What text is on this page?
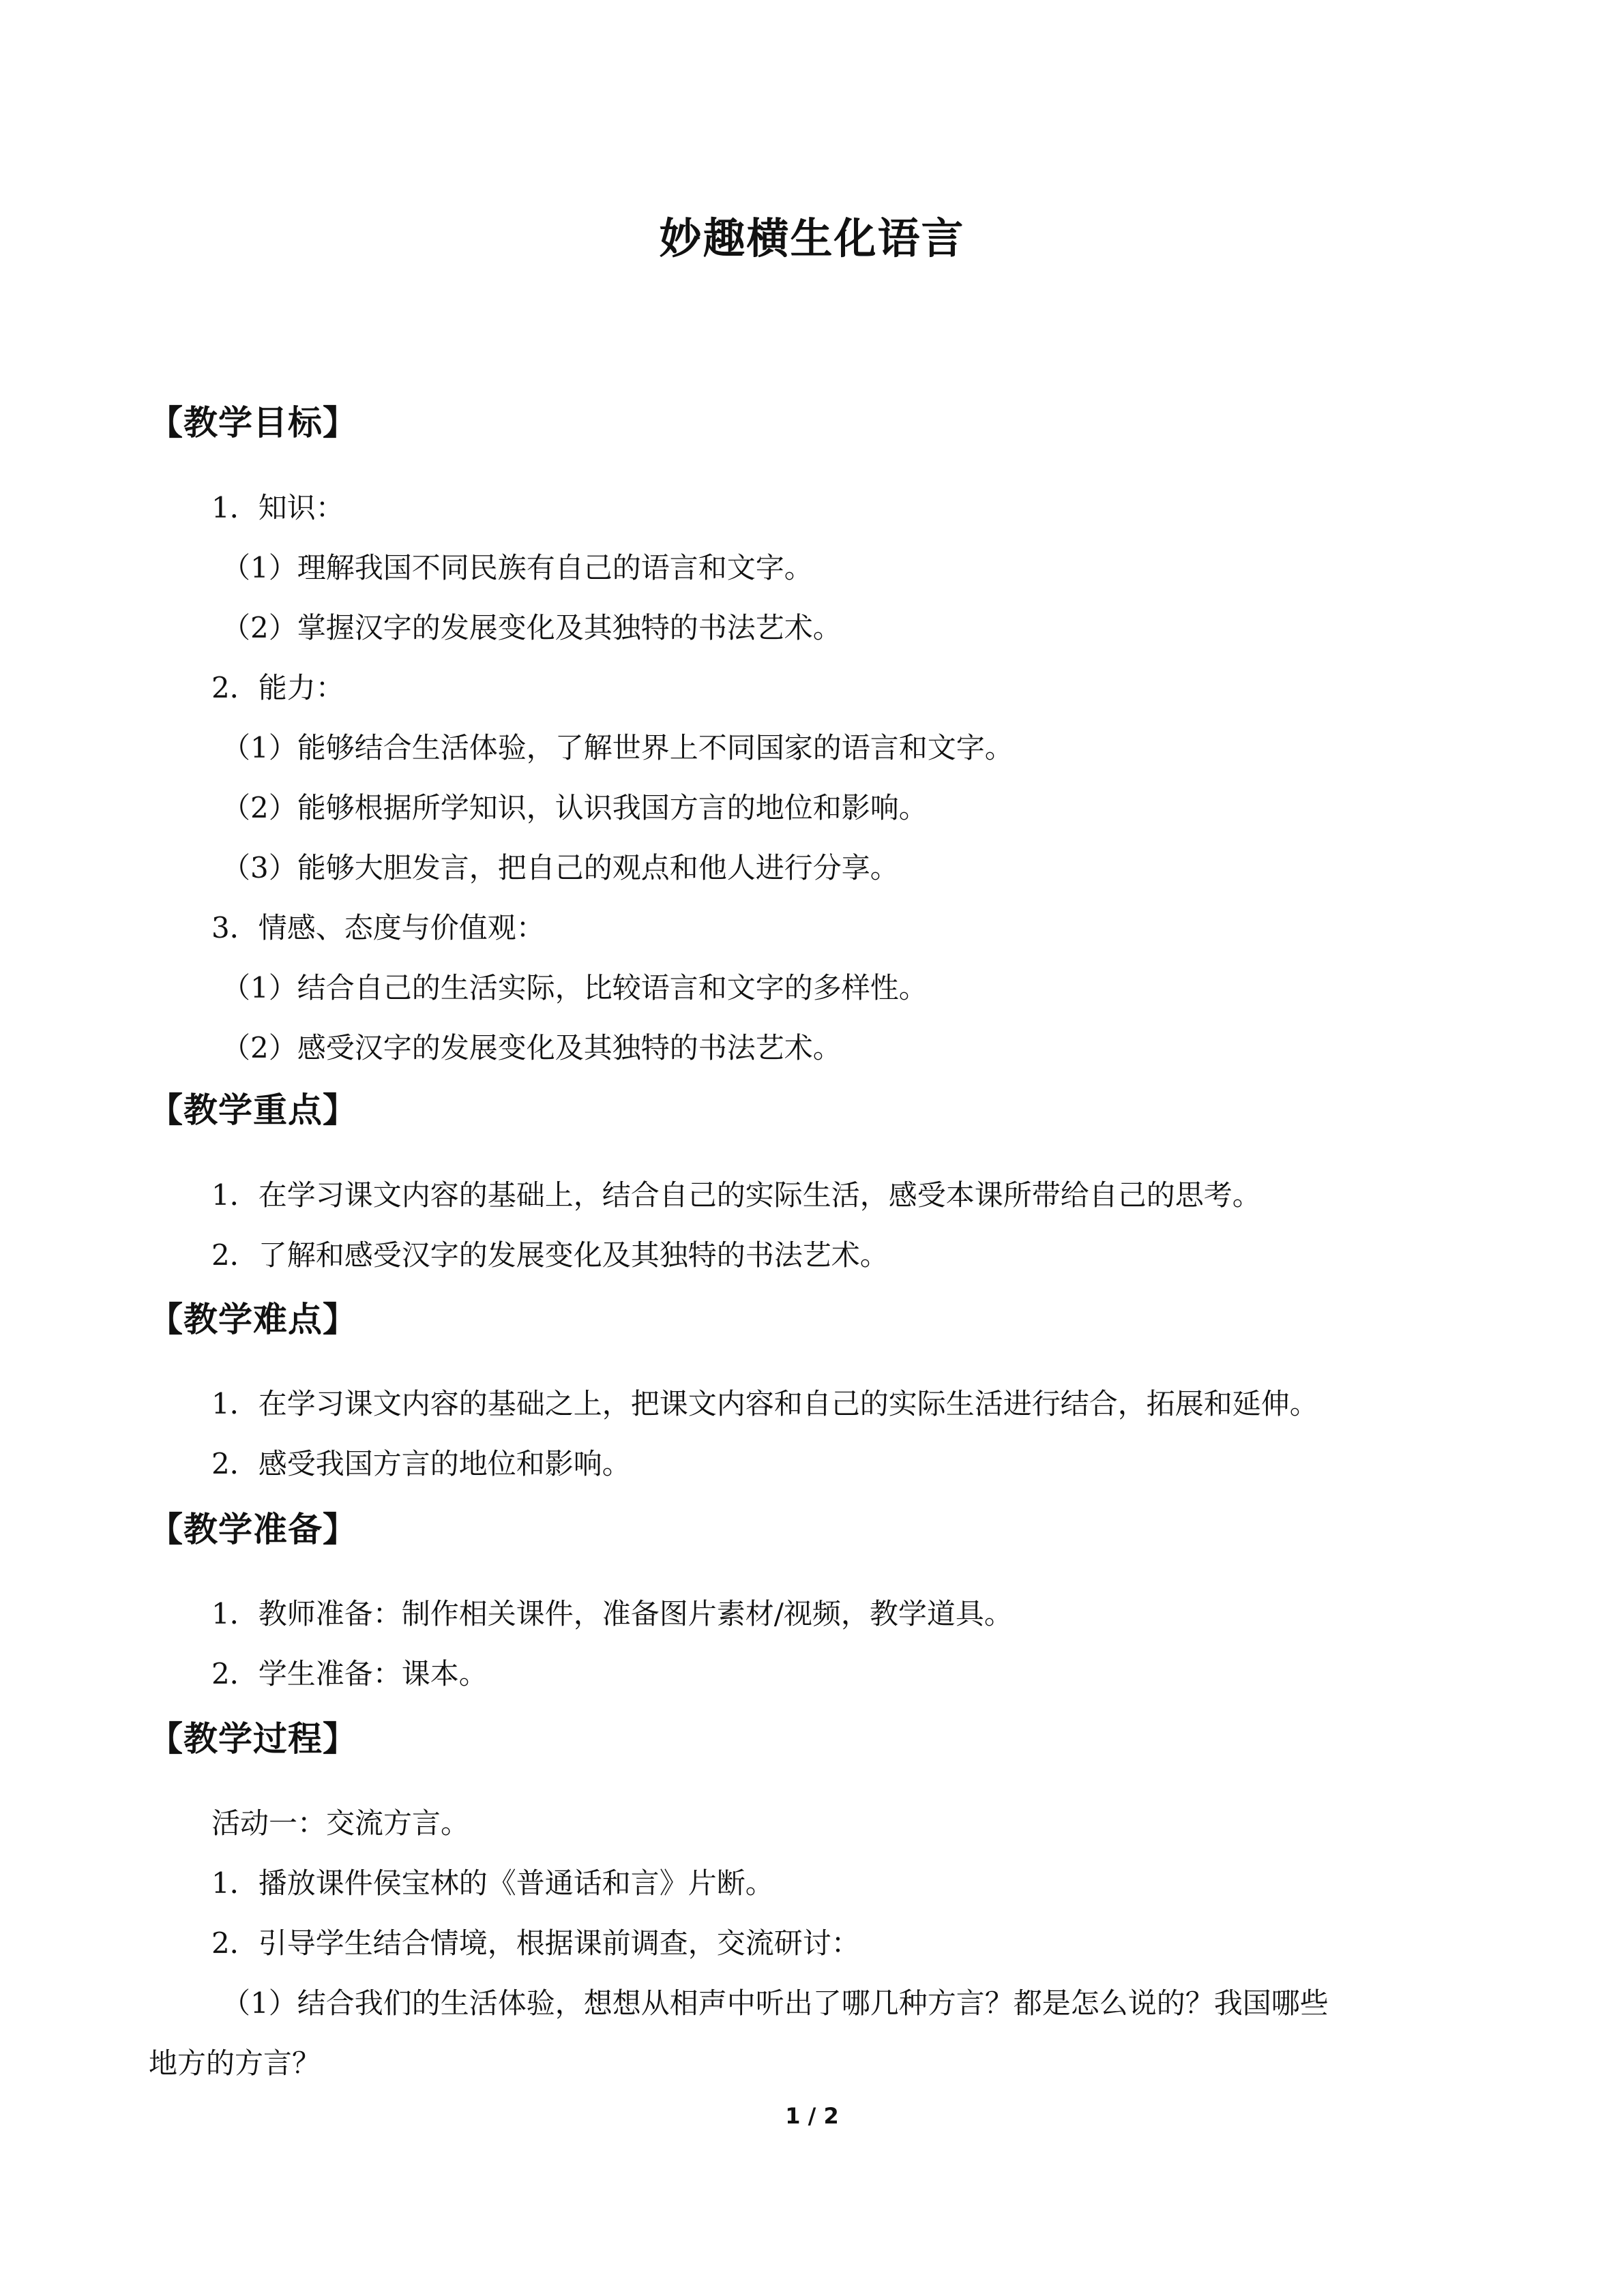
妙趣横生化语言
【教学目标】
1．知识：
（1）理解我国不同民族有自己的语言和文字。
（2）掌握汉字的发展变化及其独特的书法艺术。
2．能力：
（1）能够结合生活体验，了解世界上不同国家的语言和文字。
（2）能够根据所学知识，认识我国方言的地位和影响。
（3）能够大胆发言，把自己的观点和他人进行分享。
3．情感、态度与价值观：
（1）结合自己的生活实际，比较语言和文字的多样性。
（2）感受汉字的发展变化及其独特的书法艺术。
【教学重点】
1．在学习课文内容的基础上，结合自己的实际生活，感受本课所带给自己的思考。
2．了解和感受汉字的发展变化及其独特的书法艺术。
【教学难点】
1．在学习课文内容的基础之上，把课文内容和自己的实际生活进行结合，拓展和延伸。
2．感受我国方言的地位和影响。
【教学准备】
1．教师准备：制作相关课件，准备图片素材/视频，教学道具。
2．学生准备：课本。
【教学过程】
活动一：交流方言。
1．播放课件侯宝林的《普通话和言》片断。
2．引导学生结合情境，根据课前调查，交流研讨：
（1）结合我们的生活体验，想想从相声中听出了哪几种方言？都是怎么说的？我国哪些
地方的方言？
1 / 2
